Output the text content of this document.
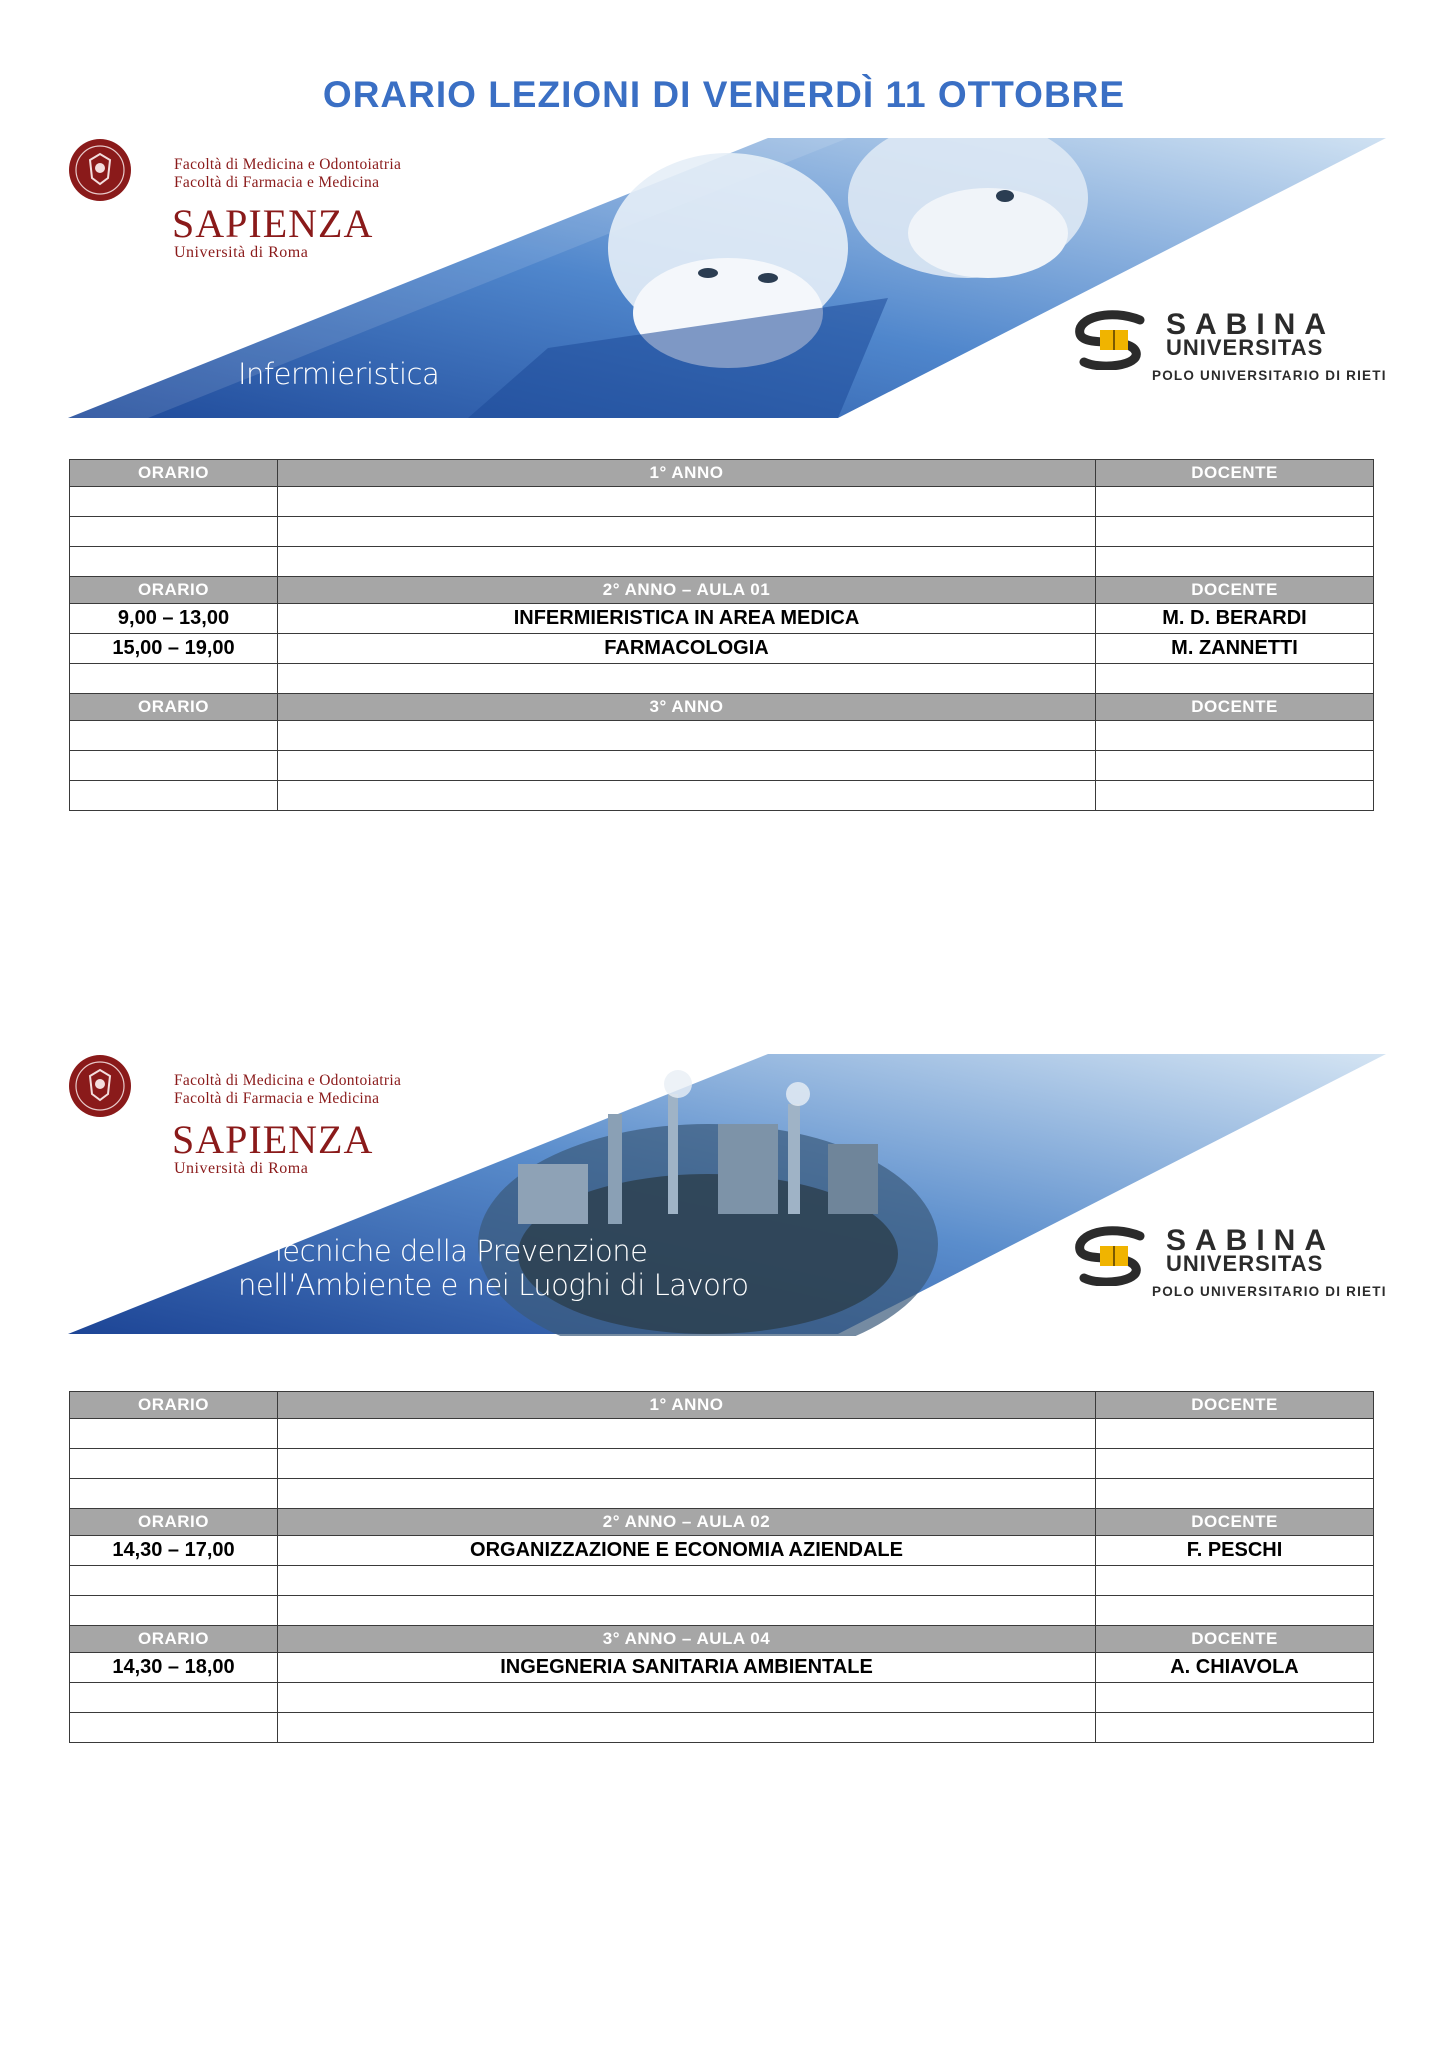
ORARIO LEZIONI DI VENERDÌ 11 OTTOBRE
Facoltà di Medicina e Odontoiatria
Facoltà di Farmacia e Medicina
SAPIENZA
Università di Roma
Infermieristica
SABINA
UNIVERSITAS
POLO UNIVERSITARIO DI RIETI
ORARIO	1° ANNO	DOCENTE

ORARIO	2° ANNO – AULA 01	DOCENTE
9,00 – 13,00	INFERMIERISTICA IN AREA MEDICA	M. D. BERARDI
15,00 – 19,00	FARMACOLOGIA	M. ZANNETTI

ORARIO	3° ANNO	DOCENTE

Facoltà di Medicina e Odontoiatria
Facoltà di Farmacia e Medicina
SAPIENZA
Università di Roma
Tecniche della Prevenzione
nell'Ambiente e nei Luoghi di Lavoro
SABINA
UNIVERSITAS
POLO UNIVERSITARIO DI RIETI
ORARIO	1° ANNO	DOCENTE

ORARIO	2° ANNO – AULA 02	DOCENTE
14,30 – 17,00	ORGANIZZAZIONE E ECONOMIA AZIENDALE	F. PESCHI

ORARIO	3° ANNO – AULA 04	DOCENTE
14,30 – 18,00	INGEGNERIA SANITARIA AMBIENTALE	A. CHIAVOLA
